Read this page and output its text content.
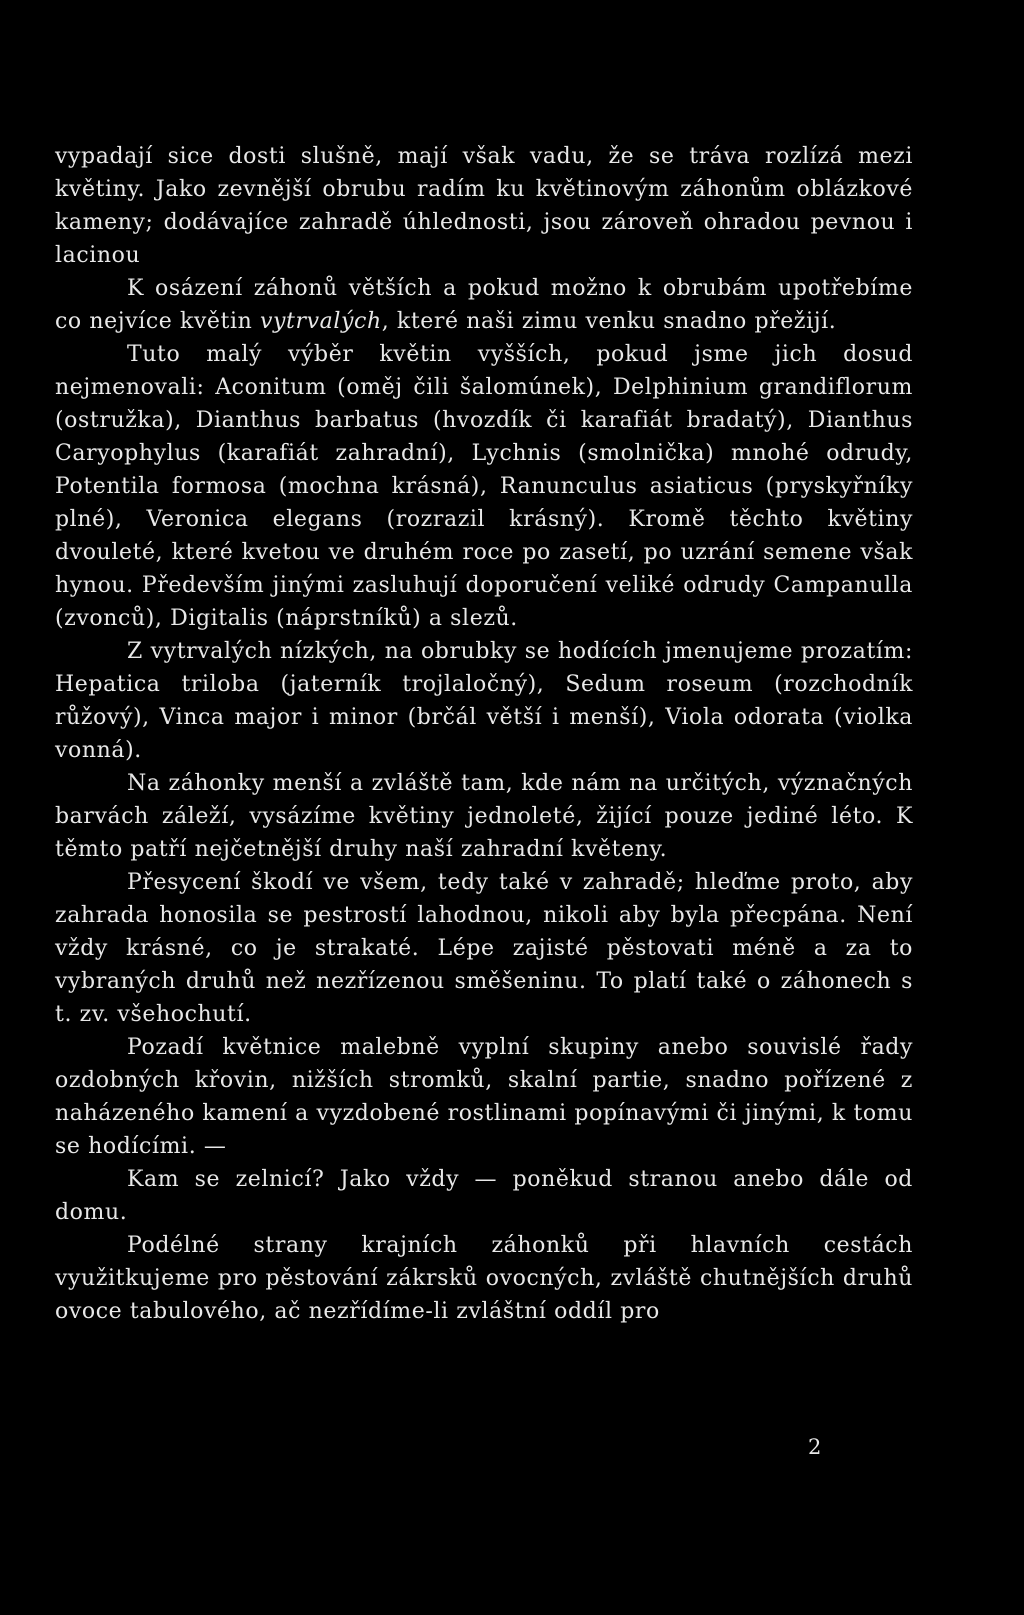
vypadají sice dosti slušně, mají však vadu, že se tráva rozlízá mezi květiny. Jako zevnější obrubu radím ku květinovým záhonům oblázkové kameny; dodávajíce zahradě úhlednosti, jsou zároveň ohradou pevnou i lacinou

K osázení záhonů větších a pokud možno k obrubám upotřebíme co nejvíce květin vytrvalých, které naši zimu venku snadno přežijí.

Tuto malý výběr květin vyšších, pokud jsme jich dosud nejmenovali: Aconitum (oměj čili šalomúnek), Delphinium grandiflorum (ostružka), Dianthus barbatus (hvozdík či karafiát bradatý), Dianthus Caryophylus (karafiát zahradní), Lychnis (smolnička) mnohé odrudy, Potentila formosa (mochna krásná), Ranunculus asiaticus (pryskyřníky plné), Veronica elegans (rozrazil krásný). Kromě těchto květiny dvouleté, které kvetou ve druhém roce po zasetí, po uzrání semene však hynou. Především jinými zasluhují doporučení veliké odrudy Campanulla (zvonců), Digitalis (náprstníků) a slezů.

Z vytrvalých nízkých, na obrubky se hodících jmenujeme prozatím: Hepatica triloba (jaterník trojlaločný), Sedum roseum (rozchodník růžový), Vinca major i minor (brčál větší i menší), Viola odorata (violka vonná).

Na záhonky menší a zvláště tam, kde nám na určitých, význačných barvách záleží, vysázíme květiny jednoleté, žijící pouze jediné léto. K těmto patří nejčetnější druhy naší zahradní květeny.

Přesycení škodí ve všem, tedy také v zahradě; hleďme proto, aby zahrada honosila se pestrostí lahodnou, nikoli aby byla přecpána. Není vždy krásné, co je strakaté. Lépe zajisté pěstovati méně a za to vybraných druhů než nezřízenou směšeninu. To platí také o záhonech s t. zv. všehochutí.

Pozadí květnice malebně vyplní skupiny anebo souvislé řady ozdobných křovin, nižších stromků, skalní partie, snadno pořízené z naházeného kamení a vyzdobené rostlinami popínavými či jinými, k tomu se hodícími. —

Kam se zelnicí? Jako vždy — poněkud stranou anebo dále od domu.

Podélné strany krajních záhonků při hlavních cestách využitkujeme pro pěstování zákrsků ovocných, zvláště chutnějších druhů ovoce tabulového, ač nezřídíme-li zvláštní oddíl pro

2
